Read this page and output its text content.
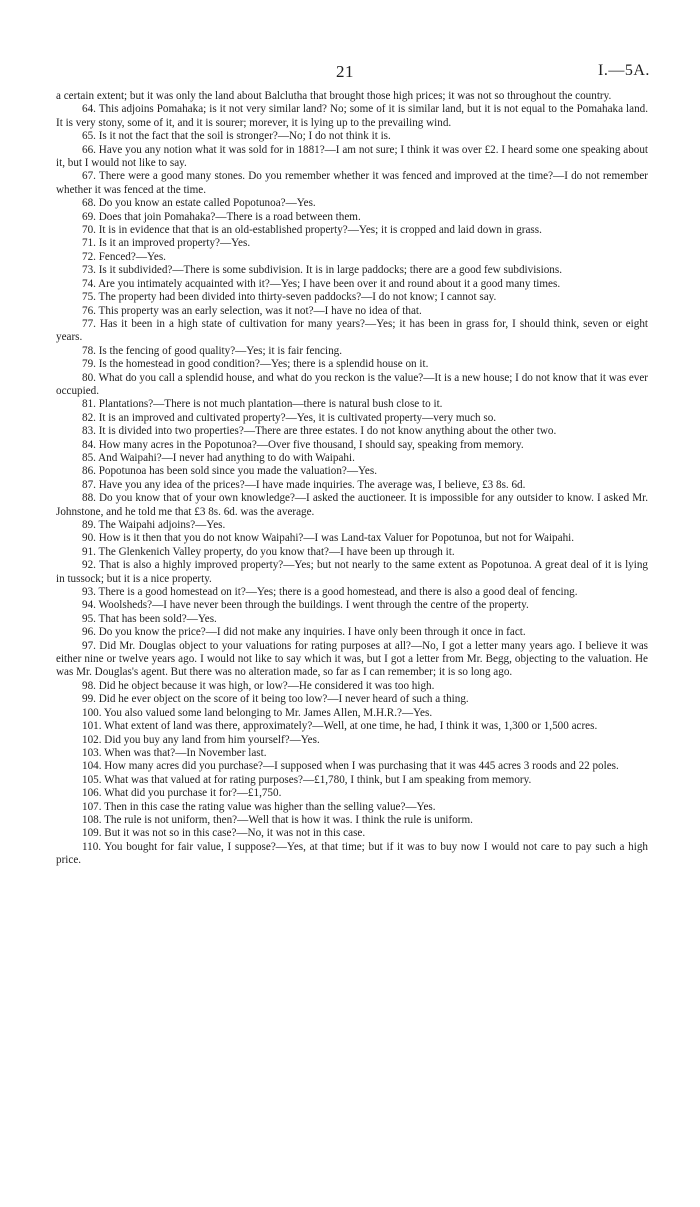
21	I.—5A.

a certain extent; but it was only the land about Balclutha that brought those high prices; it was not so throughout the country.

64. This adjoins Pomahaka; is it not very similar land? No; some of it is similar land, but it is not equal to the Pomahaka land. It is very stony, some of it, and it is sourer; morever, it is lying up to the prevailing wind.

65. Is it not the fact that the soil is stronger?—No; I do not think it is.

66. Have you any notion what it was sold for in 1881?—I am not sure; I think it was over £2. I heard some one speaking about it, but I would not like to say.

67. There were a good many stones. Do you remember whether it was fenced and improved at the time?—I do not remember whether it was fenced at the time.

68. Do you know an estate called Popotunoa?—Yes.

69. Does that join Pomahaka?—There is a road between them.

70. It is in evidence that that is an old-established property?—Yes; it is cropped and laid down in grass.

71. Is it an improved property?—Yes.

72. Fenced?—Yes.

73. Is it subdivided?—There is some subdivision. It is in large paddocks; there are a good few subdivisions.

74. Are you intimately acquainted with it?—Yes; I have been over it and round about it a good many times.

75. The property had been divided into thirty-seven paddocks?—I do not know; I cannot say.

76. This property was an early selection, was it not?—I have no idea of that.

77. Has it been in a high state of cultivation for many years?—Yes; it has been in grass for, I should think, seven or eight years.

78. Is the fencing of good quality?—Yes; it is fair fencing.

79. Is the homestead in good condition?—Yes; there is a splendid house on it.

80. What do you call a splendid house, and what do you reckon is the value?—It is a new house; I do not know that it was ever occupied.

81. Plantations?—There is not much plantation—there is natural bush close to it.

82. It is an improved and cultivated property?—Yes, it is cultivated property—very much so.

83. It is divided into two properties?—There are three estates. I do not know anything about the other two.

84. How many acres in the Popotunoa?—Over five thousand, I should say, speaking from memory.

85. And Waipahi?—I never had anything to do with Waipahi.

86. Popotunoa has been sold since you made the valuation?—Yes.

87. Have you any idea of the prices?—I have made inquiries. The average was, I believe, £3 8s. 6d.

88. Do you know that of your own knowledge?—I asked the auctioneer. It is impossible for any outsider to know. I asked Mr. Johnstone, and he told me that £3 8s. 6d. was the average.

89. The Waipahi adjoins?—Yes.

90. How is it then that you do not know Waipahi?—I was Land-tax Valuer for Popotunoa, but not for Waipahi.

91. The Glenkenich Valley property, do you know that?—I have been up through it.

92. That is also a highly improved property?—Yes; but not nearly to the same extent as Popotunoa. A great deal of it is lying in tussock; but it is a nice property.

93. There is a good homestead on it?—Yes; there is a good homestead, and there is also a good deal of fencing.

94. Woolsheds?—I have never been through the buildings. I went through the centre of the property.

95. That has been sold?—Yes.

96. Do you know the price?—I did not make any inquiries. I have only been through it once in fact.

97. Did Mr. Douglas object to your valuations for rating purposes at all?—No, I got a letter many years ago. I believe it was either nine or twelve years ago. I would not like to say which it was, but I got a letter from Mr. Begg, objecting to the valuation. He was Mr. Douglas's agent. But there was no alteration made, so far as I can remember; it is so long ago.

98. Did he object because it was high, or low?—He considered it was too high.

99. Did he ever object on the score of it being too low?—I never heard of such a thing.

100. You also valued some land belonging to Mr. James Allen, M.H.R.?—Yes.

101. What extent of land was there, approximately?—Well, at one time, he had, I think it was, 1,300 or 1,500 acres.

102. Did you buy any land from him yourself?—Yes.

103. When was that?—In November last.

104. How many acres did you purchase?—I supposed when I was purchasing that it was 445 acres 3 roods and 22 poles.

105. What was that valued at for rating purposes?—£1,780, I think, but I am speaking from memory.

106. What did you purchase it for?—£1,750.

107. Then in this case the rating value was higher than the selling value?—Yes.

108. The rule is not uniform, then?—Well that is how it was. I think the rule is uniform.

109. But it was not so in this case?—No, it was not in this case.

110. You bought for fair value, I suppose?—Yes, at that time; but if it was to buy now I would not care to pay such a high price.
